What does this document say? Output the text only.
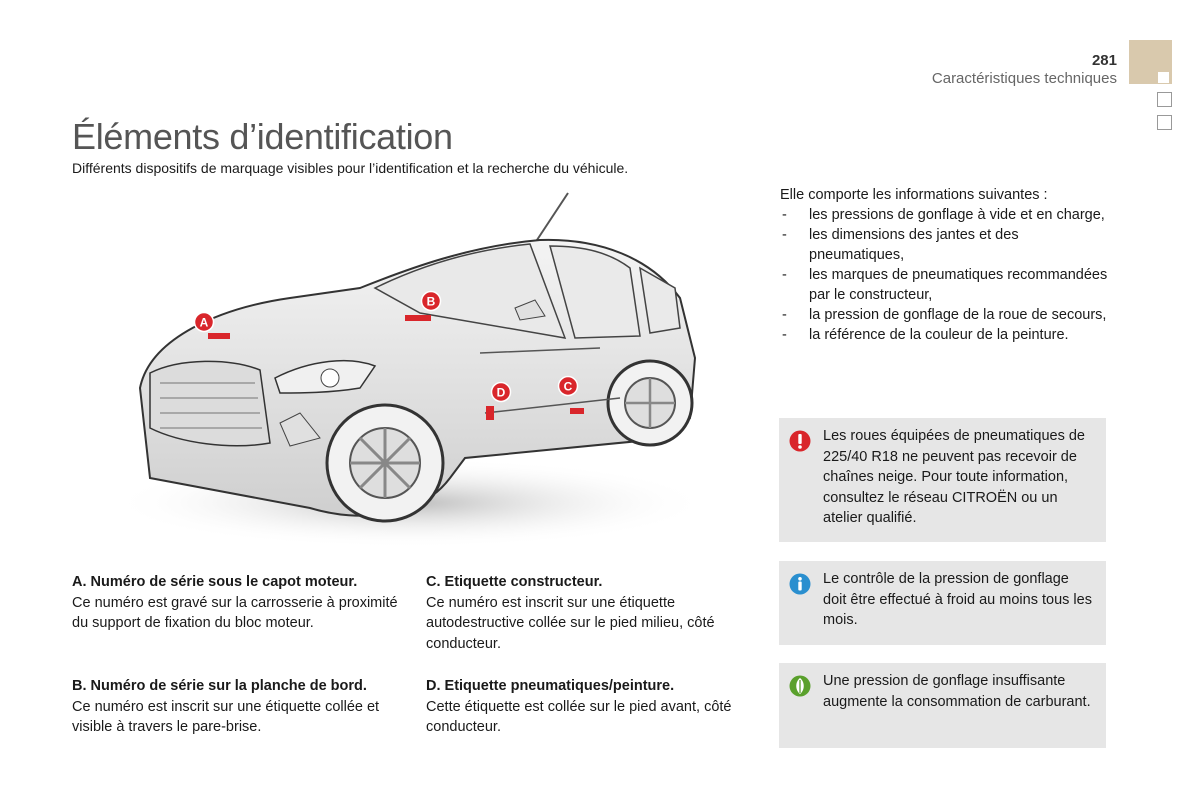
281
Caractéristiques techniques
Éléments d’identification
Différents dispositifs de marquage visibles pour l’identification et la recherche du véhicule.
A
B
C
D
A. Numéro de série sous le capot moteur.
Ce numéro est gravé sur la carrosserie à proximité du support de fixation du bloc moteur.
C. Etiquette constructeur.
Ce numéro est inscrit sur une étiquette autodestructive collée sur le pied milieu, côté conducteur.
B. Numéro de série sur la planche de bord.
Ce numéro est inscrit sur une étiquette collée et visible à travers le pare-brise.
D. Etiquette pneumatiques/peinture.
Cette étiquette est collée sur le pied avant, côté conducteur.
Elle comporte les informations suivantes :
- les pressions de gonflage à vide et en charge,
- les dimensions des jantes et des pneumatiques,
- les marques de pneumatiques recommandées par le constructeur,
- la pression de gonflage de la roue de secours,
- la référence de la couleur de la peinture.
Les roues équipées de pneumatiques de 225/40 R18 ne peuvent pas recevoir de chaînes neige. Pour toute information, consultez le réseau CITROËN ou un atelier qualifié.
Le contrôle de la pression de gonflage doit être effectué à froid au moins tous les mois.
Une pression de gonflage insuffisante augmente la consommation de carburant.
